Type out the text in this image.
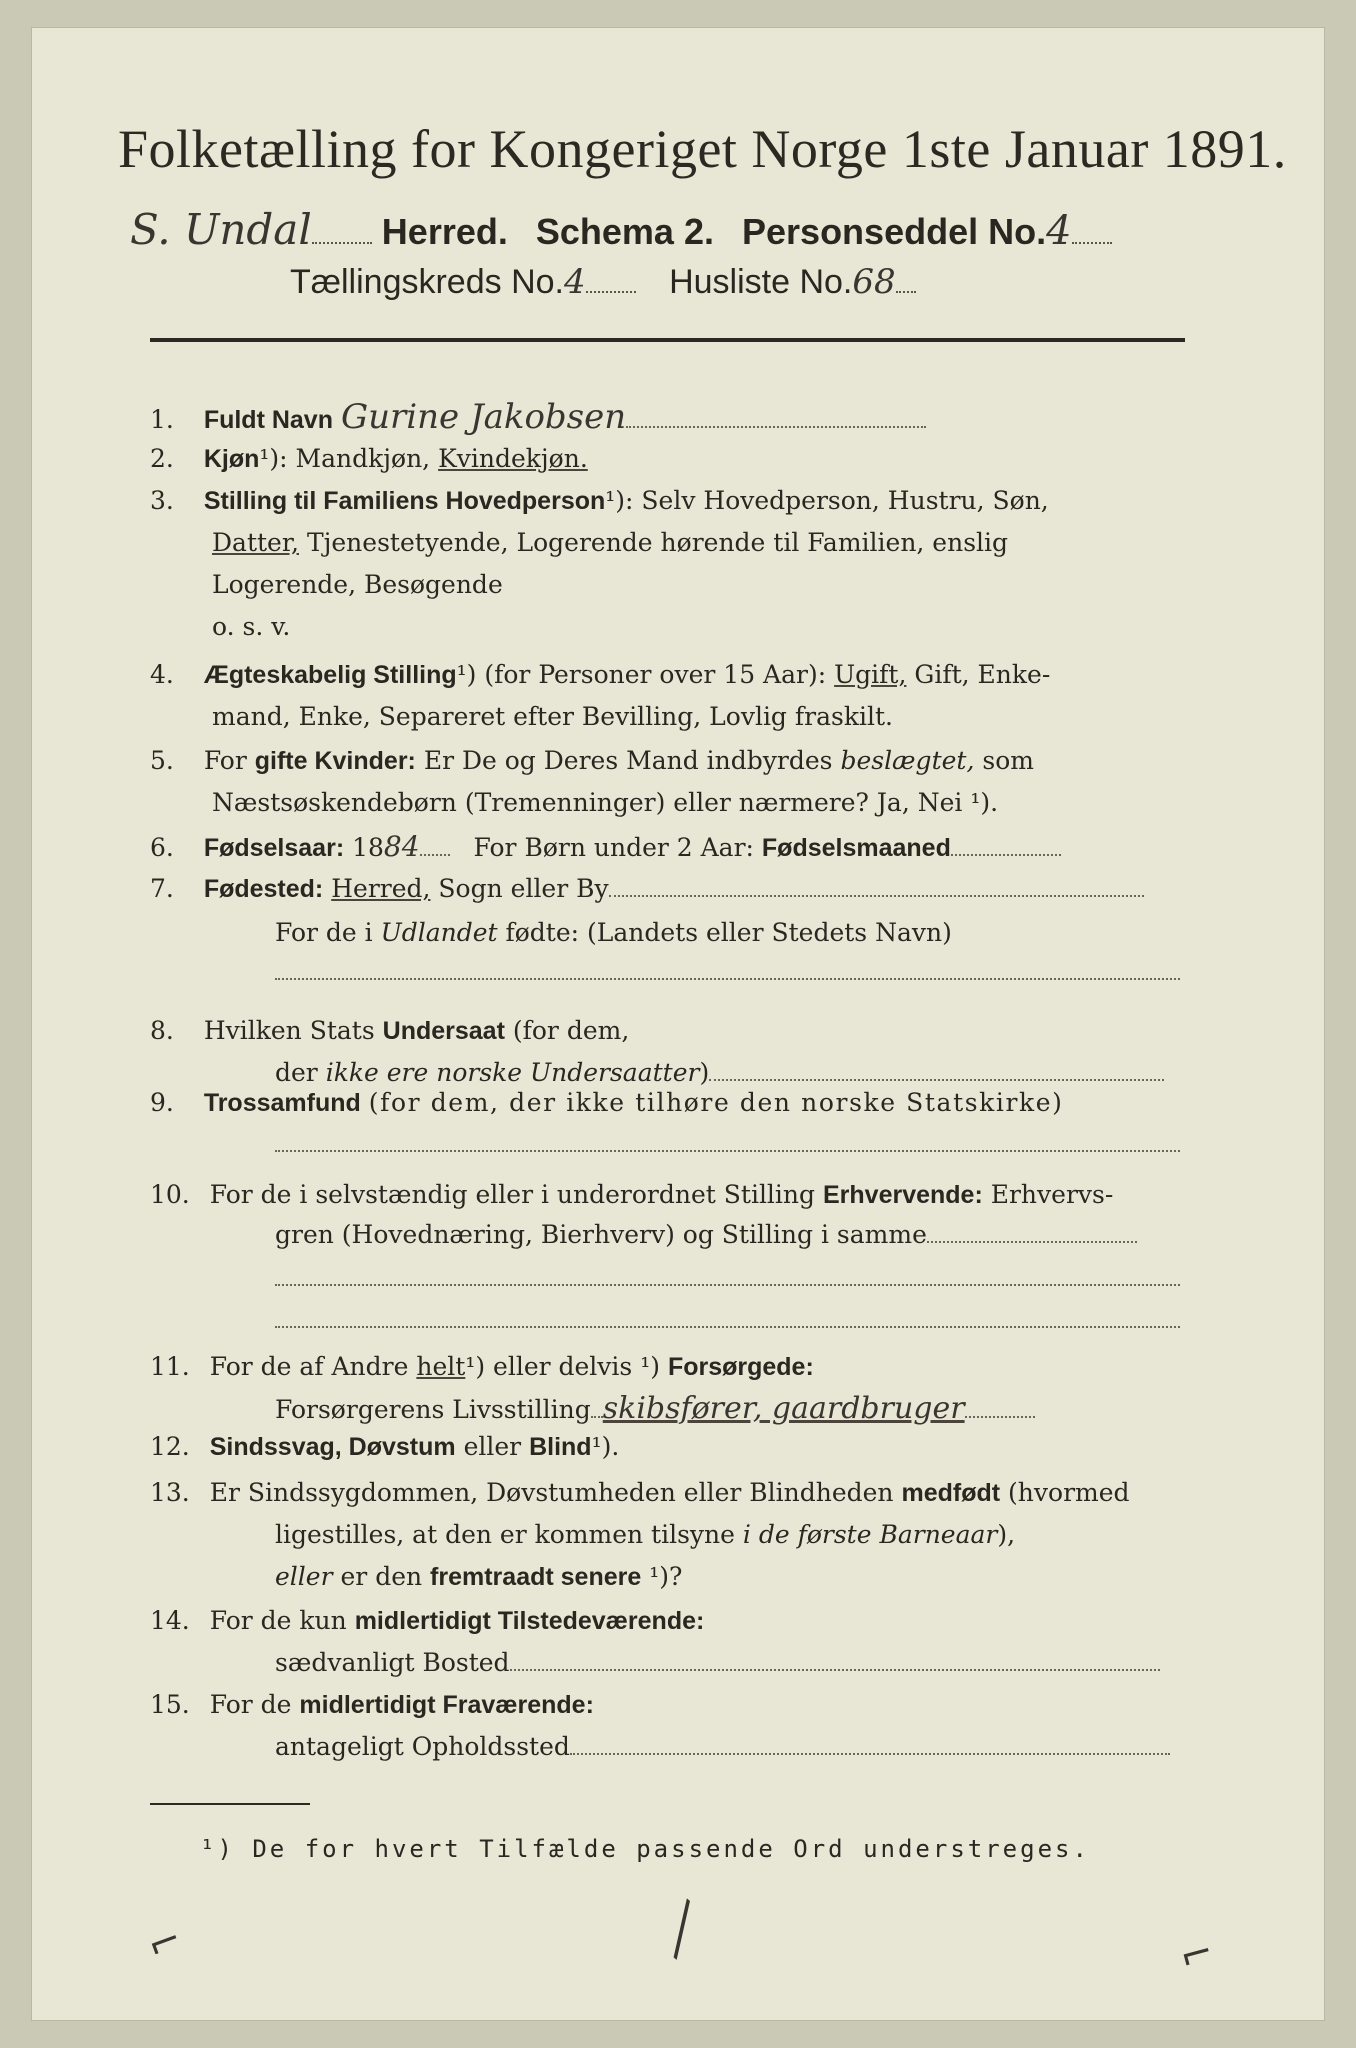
Folketælling for Kongeriget Norge 1ste Januar 1891.
S. Undal Herred. Schema 2. Personseddel No.4
Tællingskreds No.4 Husliste No.68
1. Fuldt Navn Gurine Jakobsen
2. Kjøn¹): Mandkjøn, Kvindekjøn.
3. Stilling til Familiens Hovedperson¹): Selv Hovedperson, Hustru, Søn,
Datter, Tjenestetyende, Logerende hørende til Familien, enslig
Logerende, Besøgende
o. s. v.
4. Ægteskabelig Stilling¹) (for Personer over 15 Aar): Ugift, Gift, Enke-
mand, Enke, Separeret efter Bevilling, Lovlig fraskilt.
5. For gifte Kvinder: Er De og Deres Mand indbyrdes beslægtet, som
Næstsøskendebørn (Tremenninger) eller nærmere? Ja, Nei ¹).
6. Fødselsaar: 1884 For Børn under 2 Aar: Fødselsmaaned
7. Fødested: Herred, Sogn eller By
For de i Udlandet fødte: (Landets eller Stedets Navn)
8. Hvilken Stats Undersaat (for dem,
der ikke ere norske Undersaatter)
9. Trossamfund (for dem, der ikke tilhøre den norske Statskirke)
10. For de i selvstændig eller i underordnet Stilling Erhvervende: Erhvervs-
gren (Hovednæring, Bierhverv) og Stilling i samme
11. For de af Andre helt¹) eller delvis ¹) Forsørgede:
Forsørgerens Livsstilling skibsfører, gaardbruger
12. Sindssvag, Døvstum eller Blind¹).
13. Er Sindssygdommen, Døvstumheden eller Blindheden medfødt (hvormed
ligestilles, at den er kommen tilsyne i de første Barneaar),
eller er den fremtraadt senere ¹)?
14. For de kun midlertidigt Tilstedeværende:
sædvanligt Bosted
15. For de midlertidigt Fraværende:
antageligt Opholdssted
¹) De for hvert Tilfælde passende Ord understreges.
⌐	╲	⌐
